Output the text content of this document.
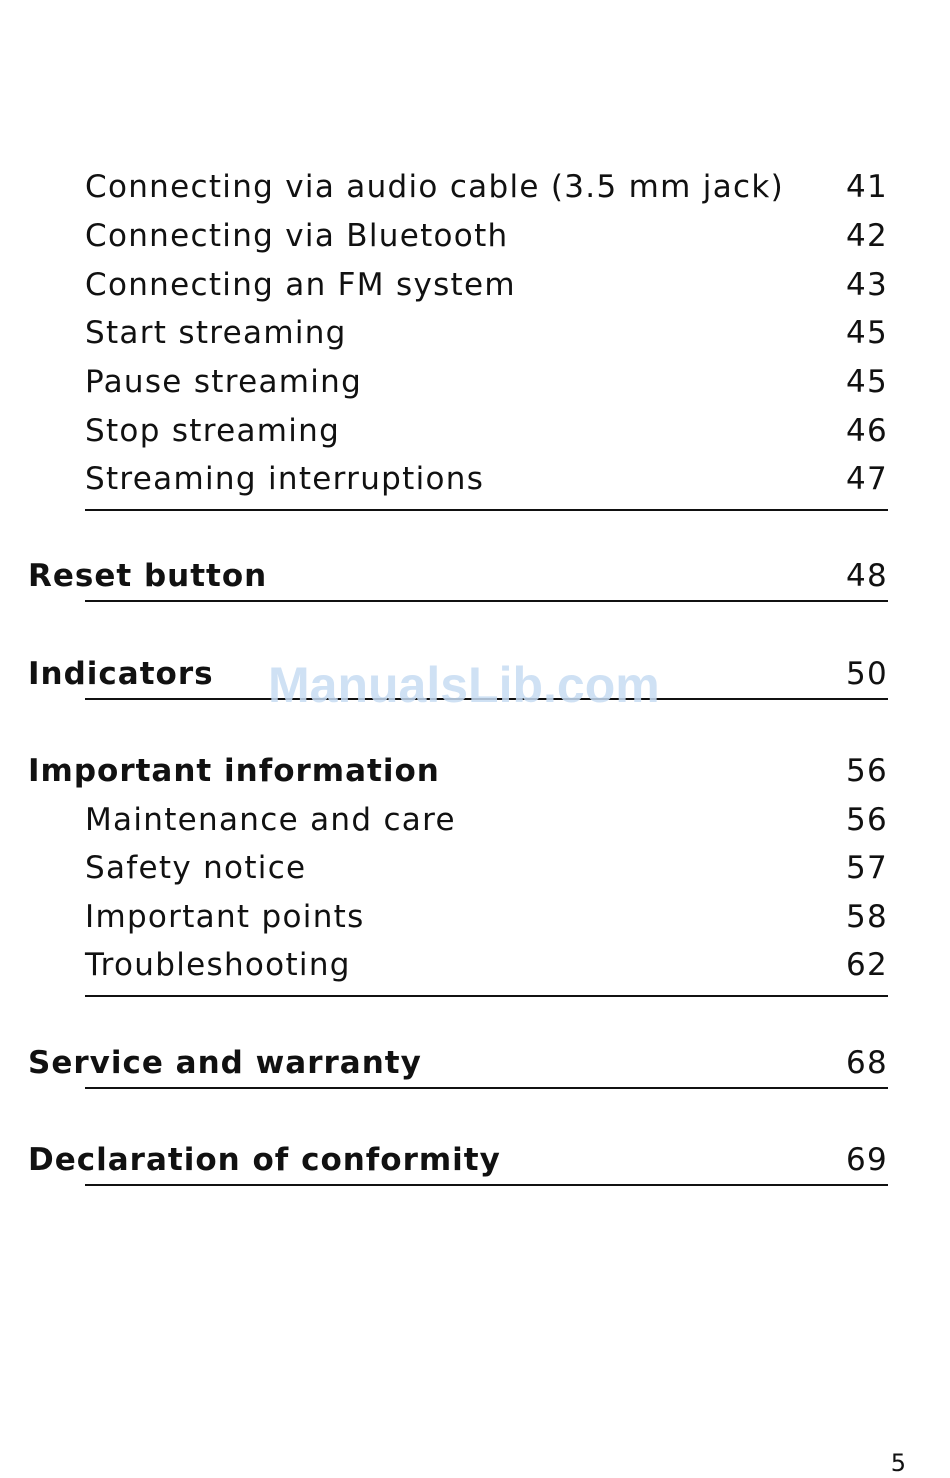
Connecting via audio cable (3.5 mm jack) 41
Connecting via Bluetooth	42
Connecting an FM system	43
Start streaming	45
Pause streaming	45
Stop streaming	46
Streaming interruptions	47
Reset button	48
Indicators	50
Important information	56
Maintenance and care	56
Safety notice	57
Important points	58
Troubleshooting	62
Service and warranty	68
Declaration of conformity	69
ManualsLib.com
5
